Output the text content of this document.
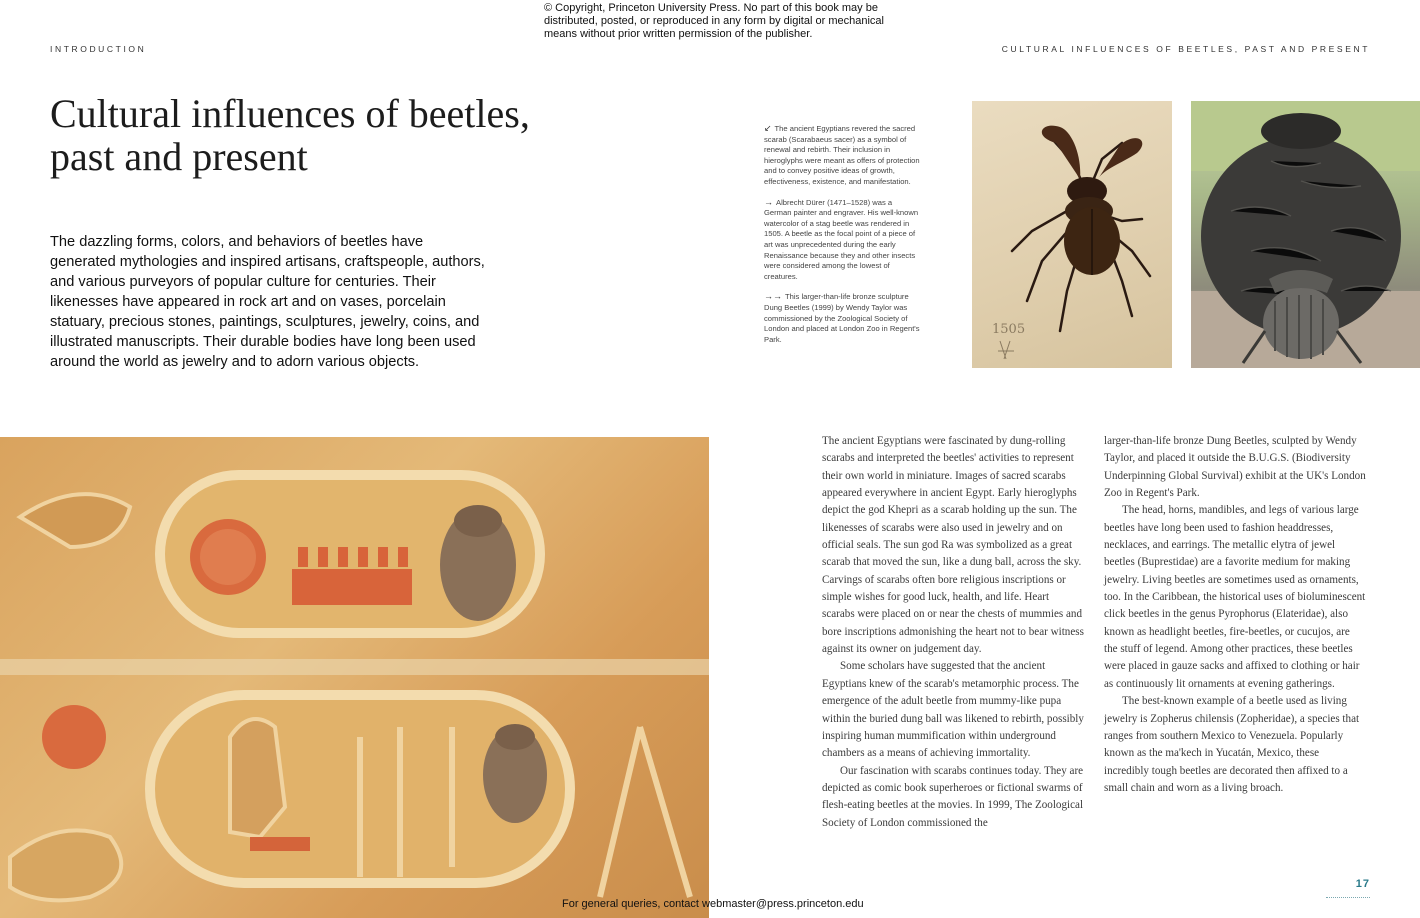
© Copyright, Princeton University Press. No part of this book may be distributed, posted, or reproduced in any form by digital or mechanical means without prior written permission of the publisher.
INTRODUCTION	CULTURAL INFLUENCES OF BEETLES, PAST AND PRESENT
Cultural influences of beetles, past and present
The dazzling forms, colors, and behaviors of beetles have generated mythologies and inspired artisans, craftspeople, authors, and various purveyors of popular culture for centuries. Their likenesses have appeared in rock art and on vases, porcelain statuary, precious stones, paintings, sculptures, jewelry, coins, and illustrated manuscripts. Their durable bodies have long been used around the world as jewelry and to adorn various objects.
↙ The ancient Egyptians revered the sacred scarab (Scarabaeus sacer) as a symbol of renewal and rebirth. Their inclusion in hieroglyphs were meant as offers of protection and to convey positive ideas of growth, effectiveness, existence, and manifestation.
→ Albrecht Dürer (1471–1528) was a German painter and engraver. His well-known watercolor of a stag beetle was rendered in 1505. A beetle as the focal point of a piece of art was unprecedented during the early Renaissance because they and other insects were considered among the lowest of creatures.
→→ This larger-than-life bronze sculpture Dung Beetles (1999) by Wendy Taylor was commissioned by the Zoological Society of London and placed at London Zoo in Regent's Park.
1505

The ancient Egyptians were fascinated by dung-rolling scarabs and interpreted the beetles' activities to represent their own world in miniature. Images of sacred scarabs appeared everywhere in ancient Egypt. Early hieroglyphs depict the god Khepri as a scarab holding up the sun. The likenesses of scarabs were also used in jewelry and on official seals. The sun god Ra was symbolized as a great scarab that moved the sun, like a dung ball, across the sky. Carvings of scarabs often bore religious inscriptions or simple wishes for good luck, health, and life. Heart scarabs were placed on or near the chests of mummies and bore inscriptions admonishing the heart not to bear witness against its owner on judgement day.

Some scholars have suggested that the ancient Egyptians knew of the scarab's metamorphic process. The emergence of the adult beetle from mummy-like pupa within the buried dung ball was likened to rebirth, possibly inspiring human mummification within underground chambers as a means of achieving immortality.

Our fascination with scarabs continues today. They are depicted as comic book superheroes or fictional swarms of flesh-eating beetles at the movies. In 1999, The Zoological Society of London commissioned the

larger-than-life bronze Dung Beetles, sculpted by Wendy Taylor, and placed it outside the B.U.G.S. (Biodiversity Underpinning Global Survival) exhibit at the UK's London Zoo in Regent's Park.

The head, horns, mandibles, and legs of various large beetles have long been used to fashion headdresses, necklaces, and earrings. The metallic elytra of jewel beetles (Buprestidae) are a favorite medium for making jewelry. Living beetles are sometimes used as ornaments, too. In the Caribbean, the historical uses of bioluminescent click beetles in the genus Pyrophorus (Elateridae), also known as headlight beetles, fire-beetles, or cucujos, are the stuff of legend. Among other practices, these beetles were placed in gauze sacks and affixed to clothing or hair as continuously lit ornaments at evening gatherings.

The best-known example of a beetle used as living jewelry is Zopherus chilensis (Zopheridae), a species that ranges from southern Mexico to Venezuela. Popularly known as the ma'kech in Yucatán, Mexico, these incredibly tough beetles are decorated then affixed to a small chain and worn as a living broach.

17
For general queries, contact webmaster@press.princeton.edu
